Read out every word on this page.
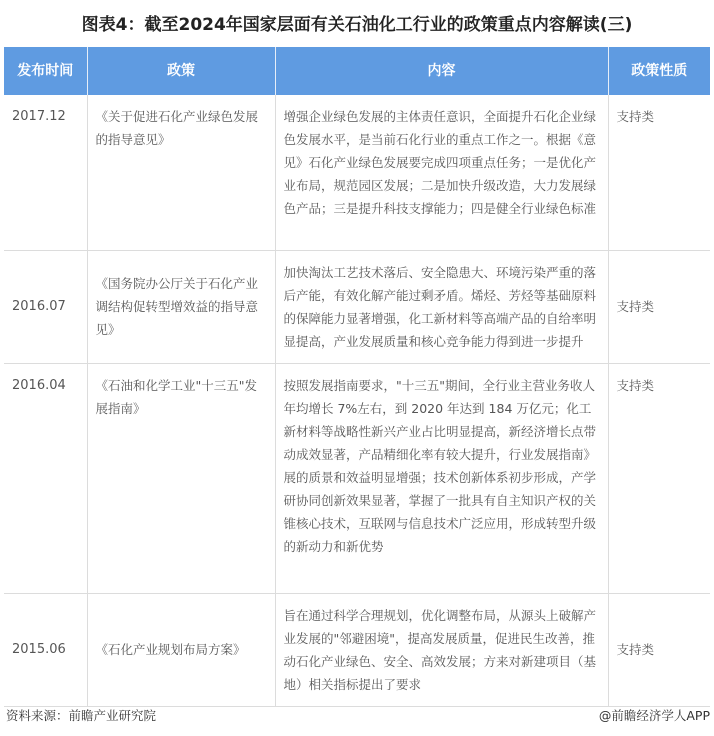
图表4：截至2024年国家层面有关石油化工行业的政策重点内容解读(三)
发布时间	政策	内容	政策性质

2017.12	《关于促进石化产业绿色发展的指导意见》	增强企业绿色发展的主体责任意识，全面提升石化企业绿色发展水平，是当前石化行业的重点工作之一。根据《意见》石化产业绿色发展要完成四项重点任务；一是优化产业布局，规范园区发展；二是加快升级改造，大力发展绿色产品；三是提升科技支撑能力；四是健全行业绿色标准	支持类

2016.07	《国务院办公厅关于石化产业调结构促转型增效益的指导意见》	加快淘汰工艺技术落后、安全隐患大、环境污染严重的落后产能，有效化解产能过剩矛盾。烯烃、芳烃等基础原料的保障能力显著增强，化工新材料等高端产品的自给率明显提高，产业发展质量和核心竞争能力得到进一步提升	支持类

2016.04	《石油和化学工业"十三五"发展指南》	按照发展指南要求，"十三五"期间，全行业主营业务收人年均增长 7%左右，到 2020 年达到 184 万亿元；化工新材料等战略性新兴产业占比明显提高，新经济增长点带动成效显著，产品精细化率有较大提升，行业发展指南》展的质景和效益明显增强；技术创新体系初步形成，产学研协同创新效果显著，掌握了一批具有自主知识产权的关锥核心技术，互联网与信息技术广泛应用，形成转型升级的新动力和新优势	支持类

2015.06	《石化产业规划布局方案》	旨在通过科学合理规划，优化调整布局，从源头上破解产业发展的"邻避困境"，提高发展质量，促进民生改善，推动石化产业绿色、安全、高效发展；方来对新建项目（基地）相关指标提出了要求	支持类
资料来源：前瞻产业研究院	@前瞻经济学人APP
